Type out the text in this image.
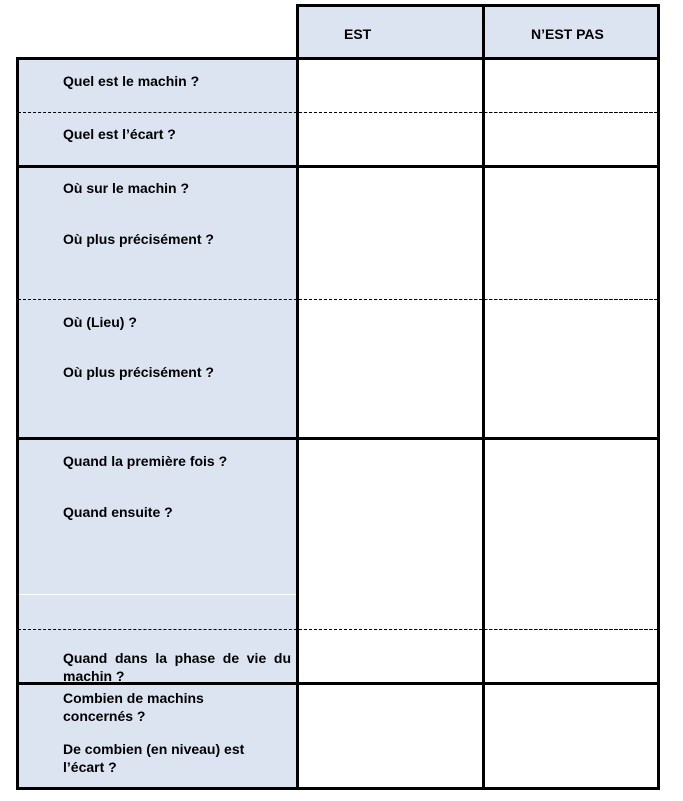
EST	N’EST PAS
Quel est le machin ?
Quel est l’écart ?
Où sur le machin ?
Où plus précisément ?
Où (Lieu) ?
Où plus précisément ?
Quand la première fois ?
Quand ensuite ?
Quand dans la phase de vie du machin ?
Combien de machins concernés ?
De combien (en niveau) est l’écart ?
